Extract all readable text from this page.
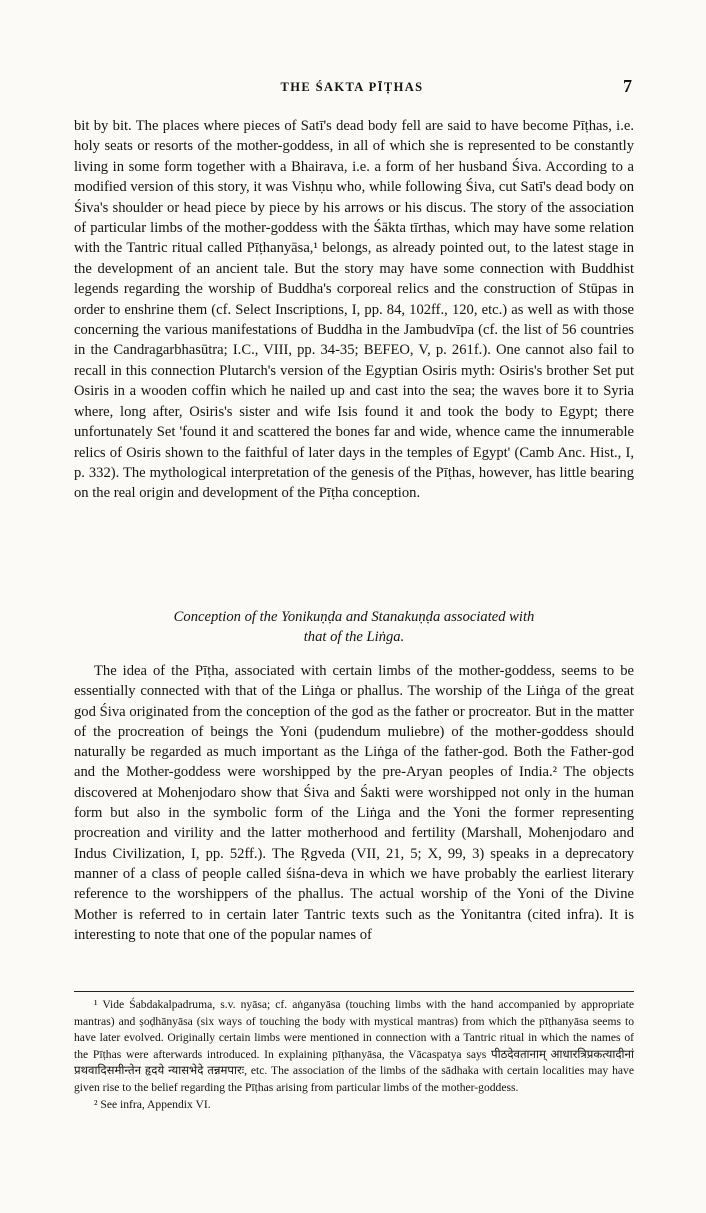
THE ŚAKTA PĪṬHAS	7

bit by bit. The places where pieces of Satī's dead body fell are said to have become Pīṭhas, i.e. holy seats or resorts of the mother-goddess, in all of which she is represented to be constantly living in some form together with a Bhairava, i.e. a form of her husband Śiva. According to a modified version of this story, it was Vishṇu who, while following Śiva, cut Satī's dead body on Śiva's shoulder or head piece by piece by his arrows or his discus. The story of the association of particular limbs of the mother-goddess with the Śākta tīrthas, which may have some relation with the Tantric ritual called Pīṭhanyāsa,¹ belongs, as already pointed out, to the latest stage in the development of an ancient tale. But the story may have some connection with Buddhist legends regarding the worship of Buddha's corporeal relics and the construction of Stūpas in order to enshrine them (cf. Select Inscriptions, I, pp. 84, 102ff., 120, etc.) as well as with those concerning the various manifestations of Buddha in the Jambudvīpa (cf. the list of 56 countries in the Candragarbhasūtra; I.C., VIII, pp. 34-35; BEFEO, V, p. 261f.). One cannot also fail to recall in this connection Plutarch's version of the Egyptian Osiris myth: Osiris's brother Set put Osiris in a wooden coffin which he nailed up and cast into the sea; the waves bore it to Syria where, long after, Osiris's sister and wife Isis found it and took the body to Egypt; there unfortunately Set 'found it and scattered the bones far and wide, whence came the innumerable relics of Osiris shown to the faithful of later days in the temples of Egypt' (Camb Anc. Hist., I, p. 332). The mythological interpretation of the genesis of the Pīṭhas, however, has little bearing on the real origin and development of the Pīṭha conception.

Conception of the Yonikuṇḍa and Stanakuṇḍa associated with
that of the Liṅga.

The idea of the Pīṭha, associated with certain limbs of the mother-goddess, seems to be essentially connected with that of the Liṅga or phallus. The worship of the Liṅga of the great god Śiva originated from the conception of the god as the father or procreator. But in the matter of the procreation of beings the Yoni (pudendum muliebre) of the mother-goddess should naturally be regarded as much important as the Liṅga of the father-god. Both the Father-god and the Mother-goddess were worshipped by the pre-Aryan peoples of India.² The objects discovered at Mohenjodaro show that Śiva and Śakti were worshipped not only in the human form but also in the symbolic form of the Liṅga and the Yoni the former representing procreation and virility and the latter motherhood and fertility (Marshall, Mohenjodaro and Indus Civilization, I, pp. 52ff.). The Ṛgveda (VII, 21, 5; X, 99, 3) speaks in a deprecatory manner of a class of people called śiśna-deva in which we have probably the earliest literary reference to the worshippers of the phallus. The actual worship of the Yoni of the Divine Mother is referred to in certain later Tantric texts such as the Yonitantra (cited infra). It is interesting to note that one of the popular names of

¹ Vide Śabdakalpadruma, s.v. nyāsa; cf. aṅganyāsa (touching limbs with the hand accompanied by appropriate mantras) and ṣoḍhānyāsa (six ways of touching the body with mystical mantras) from which the pīṭhanyāsa seems to have later evolved. Originally certain limbs were mentioned in connection with a Tantric ritual in which the names of the Pīṭhas were afterwards introduced. In explaining pīṭhanyāsa, the Vācaspatya says पीठदेवतानाम् आधारत्रिप्रकत्यादीनां प्रथवादिसमीन्तेन हृदये न्यासभेदे तन्नमपारः, etc. The association of the limbs of the sādhaka with certain localities may have given rise to the belief regarding the Pīṭhas arising from particular limbs of the mother-goddess.

² See infra, Appendix VI.
